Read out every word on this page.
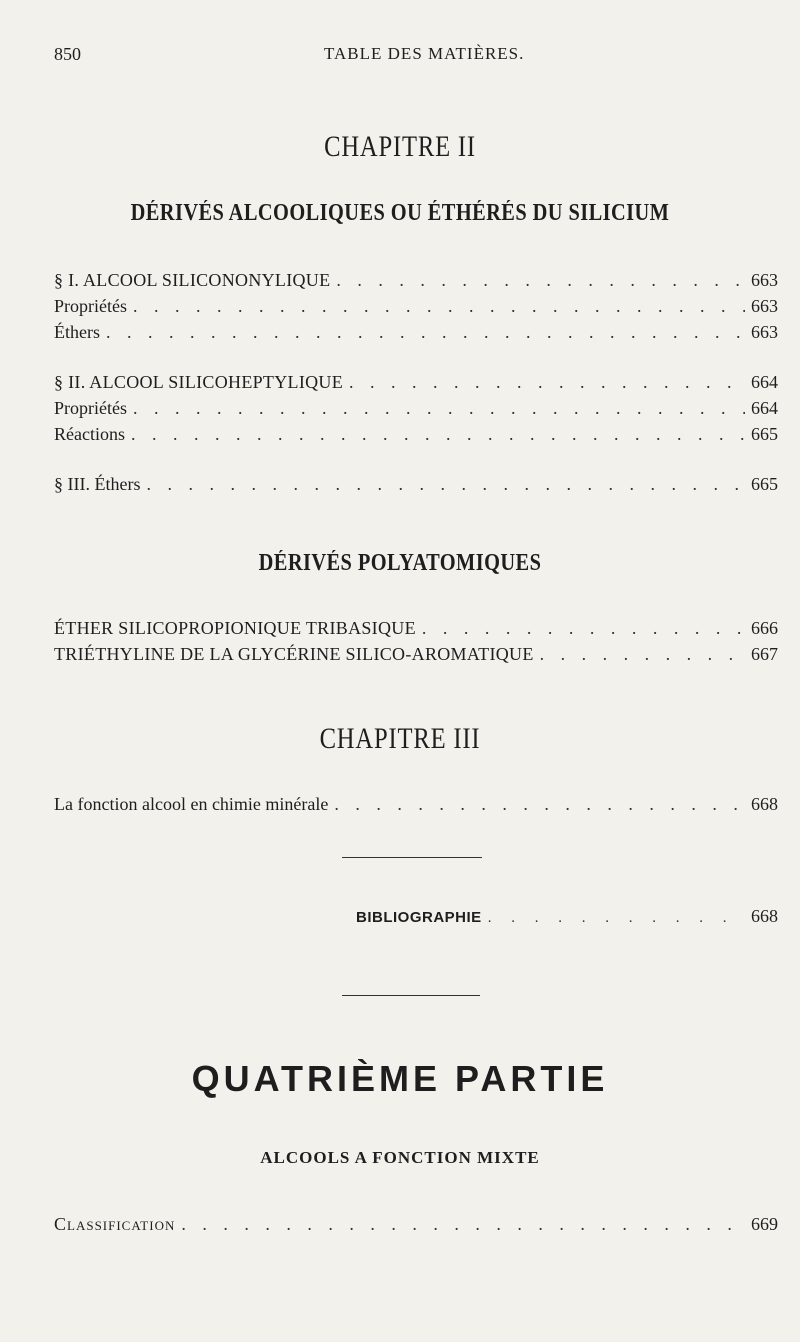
850	TABLE DES MATIÈRES.
CHAPITRE II
DÉRIVÉS ALCOOLIQUES OU ÉTHÉRÉS DU SILICIUM
§ I. ALCOOL SILICONONYLIQUE . . .	663
Propriétés . . .	663
Éthers . . .	663
§ II. ALCOOL SILICOHEPTYLIQUE . . .	664
Propriétés . . .	664
Réactions . . .	665
§ III. Éthers . . .	665
DÉRIVÉS POLYATOMIQUES
ÉTHER SILICOPROPIONIQUE TRIBASIQUE . . .	666
TRIÉTHYLINE DE LA GLYCÉRINE SILICO-AROMATIQUE . . .	667
CHAPITRE III
La fonction alcool en chimie minérale . . .	668
BIBLIOGRAPHIE . . .	668
QUATRIÈME PARTIE
ALCOOLS A FONCTION MIXTE
Classification . . .	669
